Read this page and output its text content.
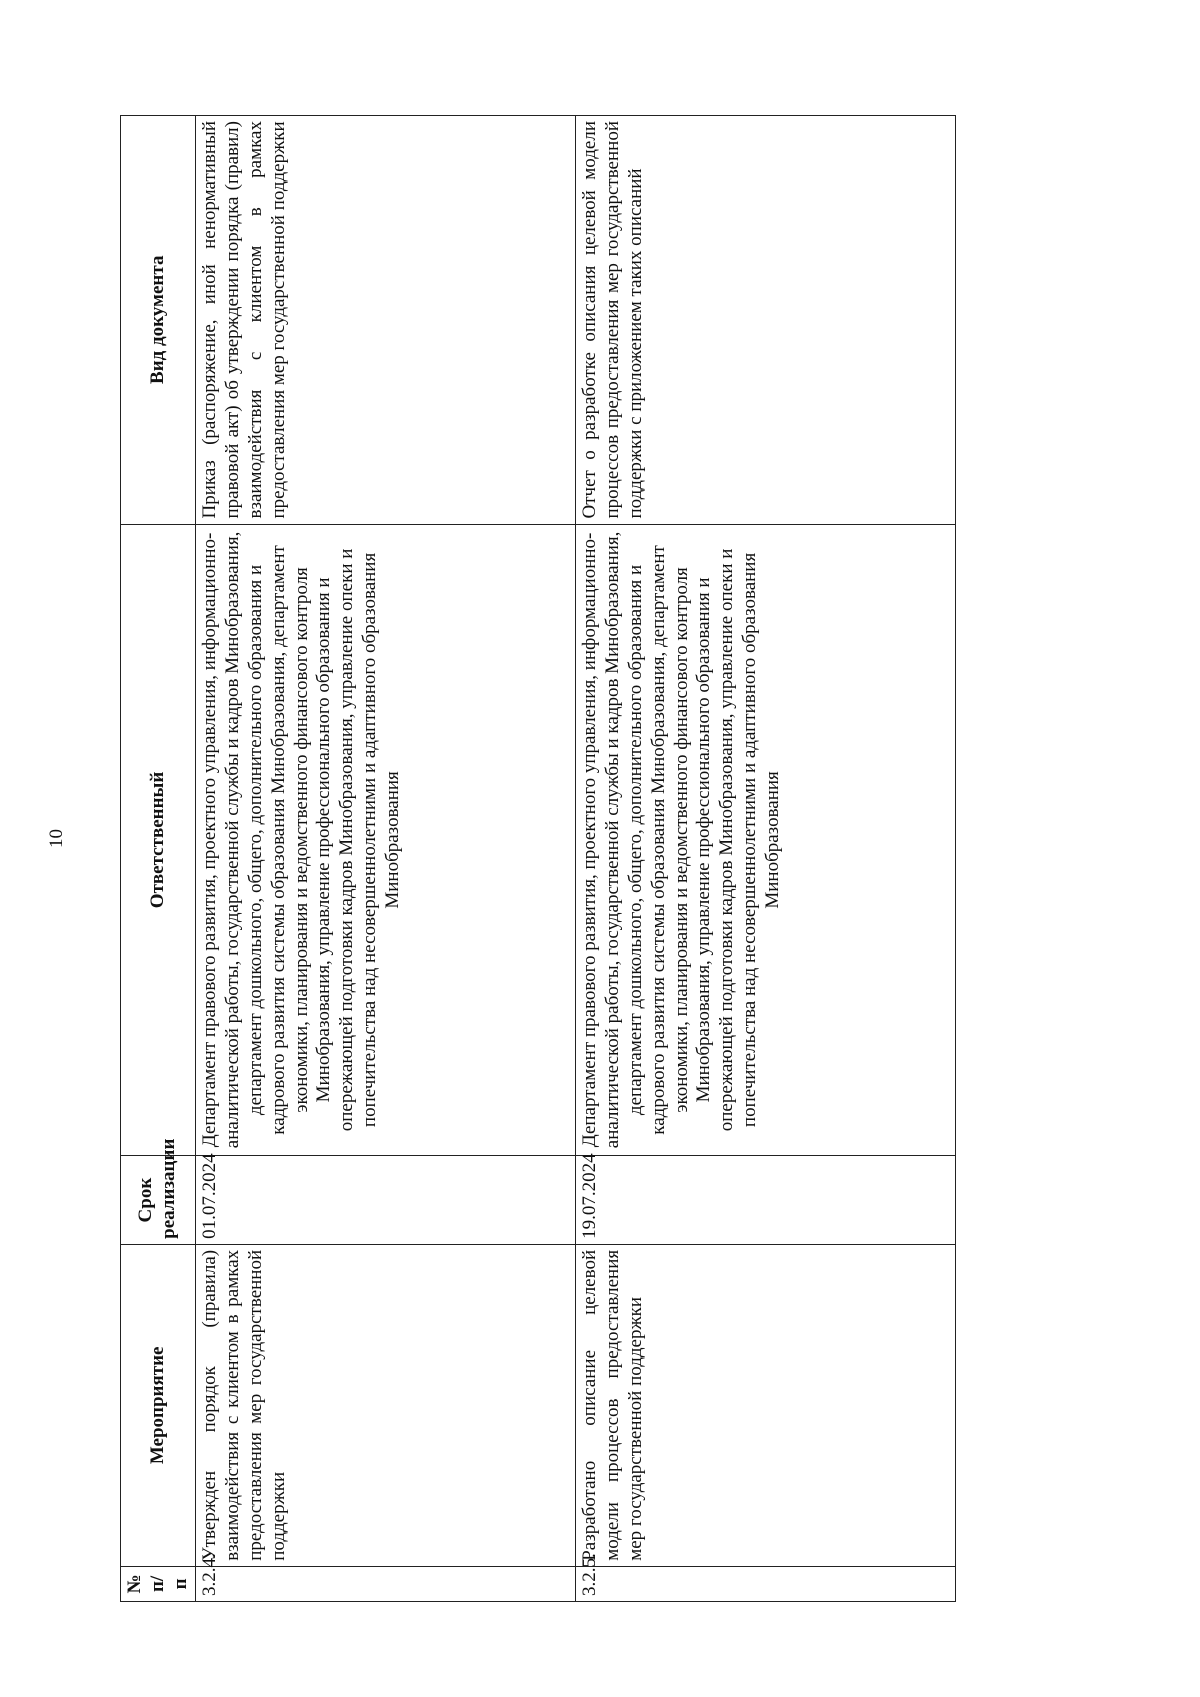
10
№ п/п	Мероприятие	Срок реализации	Ответственный	Вид документа
3.2.4.	Утвержден порядок (правила) взаимодействия с клиентом в рамках предоставления мер государственной поддержки	01.07.2024	Департамент правового развития, проектного управления, информационно-аналитической работы, государственной службы и кадров Минобразования, департамент дошкольного, общего, дополнительного образования и кадрового развития системы образования Минобразования, департамент экономики, планирования и ведомственного финансового контроля Минобразования, управление профессионального образования и опережающей подготовки кадров Минобразования, управление опеки и попечительства над несовершеннолетними и адаптивного образования Минобразования	Приказ (распоряжение, иной ненормативный правовой акт) об утверждении порядка (правил) взаимодействия с клиентом в рамках предоставления мер государственной поддержки
3.2.5.	Разработано описание целевой модели процессов предоставления мер государственной поддержки	19.07.2024	Департамент правового развития, проектного управления, информационно-аналитической работы, государственной службы и кадров Минобразования, департамент дошкольного, общего, дополнительного образования и кадрового развития системы образования Минобразования, департамент экономики, планирования и ведомственного финансового контроля Минобразования, управление профессионального образования и опережающей подготовки кадров Минобразования, управление опеки и попечительства над несовершеннолетними и адаптивного образования Минобразования	Отчет о разработке описания целевой модели процессов предоставления мер государственной поддержки с приложением таких описаний
